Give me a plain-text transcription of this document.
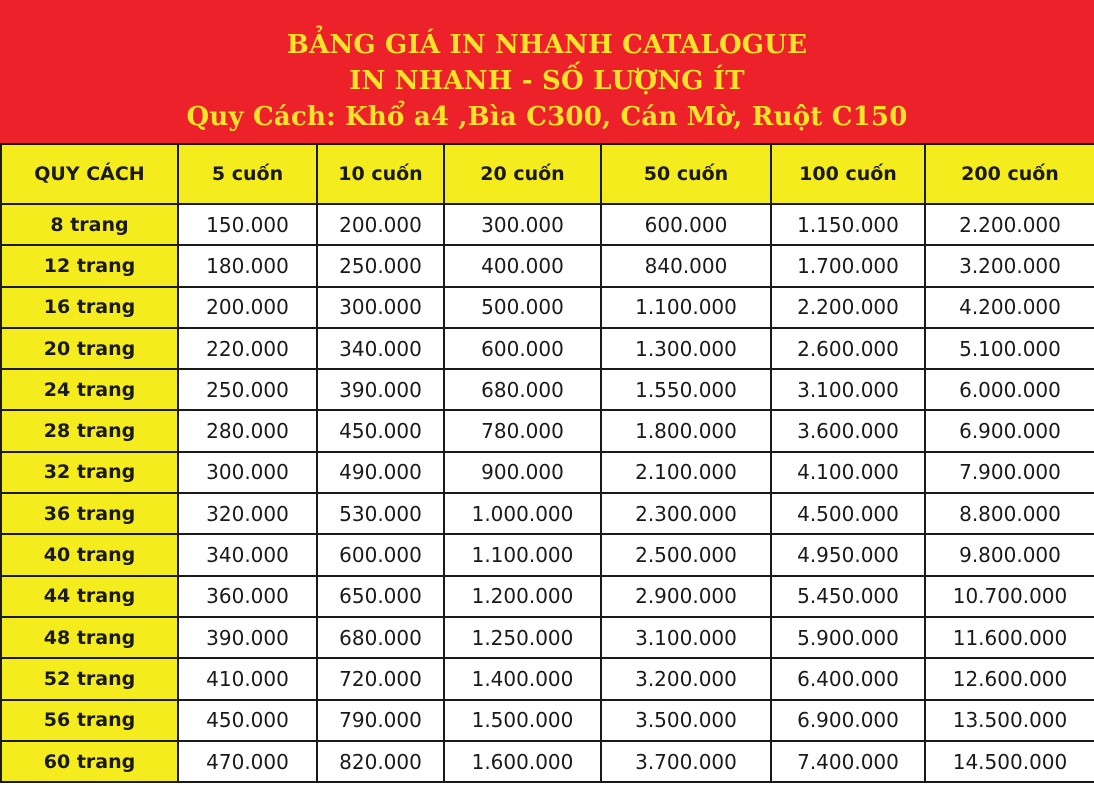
BẢNG GIÁ IN NHANH CATALOGUE
IN NHANH - SỐ LƯỢNG ÍT
Quy Cách: Khổ a4 ,Bìa C300, Cán Mờ, Ruột C150
QUY CÁCH	5 cuốn	10 cuốn	20 cuốn	50 cuốn	100 cuốn	200 cuốn
8 trang	150.000	200.000	300.000	600.000	1.150.000	2.200.000
12 trang	180.000	250.000	400.000	840.000	1.700.000	3.200.000
16 trang	200.000	300.000	500.000	1.100.000	2.200.000	4.200.000
20 trang	220.000	340.000	600.000	1.300.000	2.600.000	5.100.000
24 trang	250.000	390.000	680.000	1.550.000	3.100.000	6.000.000
28 trang	280.000	450.000	780.000	1.800.000	3.600.000	6.900.000
32 trang	300.000	490.000	900.000	2.100.000	4.100.000	7.900.000
36 trang	320.000	530.000	1.000.000	2.300.000	4.500.000	8.800.000
40 trang	340.000	600.000	1.100.000	2.500.000	4.950.000	9.800.000
44 trang	360.000	650.000	1.200.000	2.900.000	5.450.000	10.700.000
48 trang	390.000	680.000	1.250.000	3.100.000	5.900.000	11.600.000
52 trang	410.000	720.000	1.400.000	3.200.000	6.400.000	12.600.000
56 trang	450.000	790.000	1.500.000	3.500.000	6.900.000	13.500.000
60 trang	470.000	820.000	1.600.000	3.700.000	7.400.000	14.500.000
